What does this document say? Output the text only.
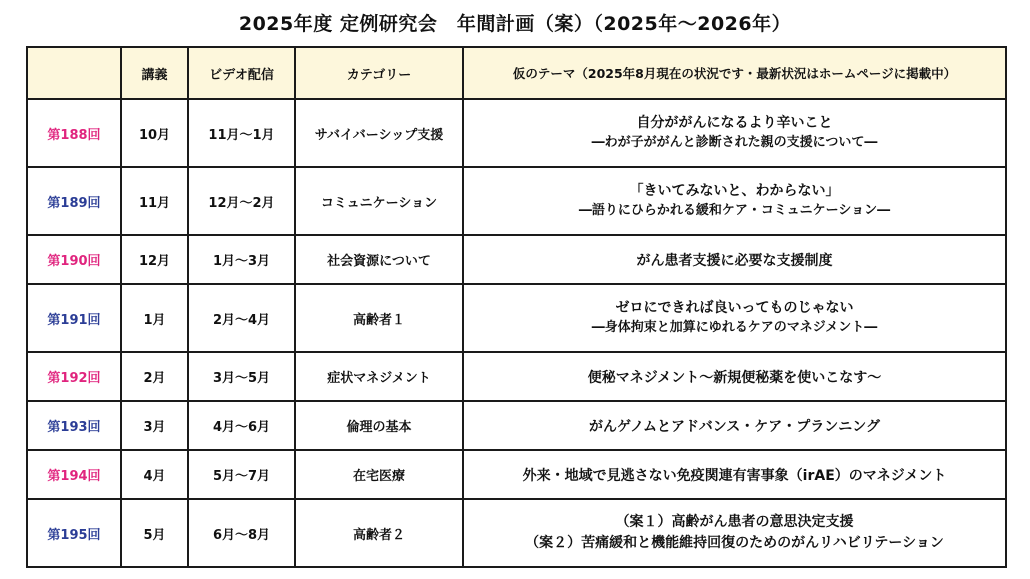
2025年度 定例研究会　年間計画（案）（2025年～2026年）
	講義	ビデオ配信	カテゴリー	仮のテーマ（2025年8月現在の状況です・最新状況はホームページに掲載中）
第188回	10月	11月～1月	サバイバーシップ支援	自分ががんになるより辛いこと
―わが子ががんと診断された親の支援について―

第189回	11月	12月～2月	コミュニケーション	「きいてみないと、わからない」
―語りにひらかれる緩和ケア・コミュニケーション―

第190回	12月	1月～3月	社会資源について	がん患者支援に必要な支援制度

第191回	1月	2月～4月	高齢者１	ゼロにできれば良いってものじゃない
―身体拘束と加算にゆれるケアのマネジメント―

第192回	2月	3月～5月	症状マネジメント	便秘マネジメント～新規便秘薬を使いこなす～

第193回	3月	4月～6月	倫理の基本	がんゲノムとアドバンス・ケア・プランニング

第194回	4月	5月～7月	在宅医療	外来・地域で見逃さない免疫関連有害事象（irAE）のマネジメント

第195回	5月	6月～8月	高齢者２	（案１）高齢がん患者の意思決定支援
（案２）苦痛緩和と機能維持回復のためのがんリハビリテーション
